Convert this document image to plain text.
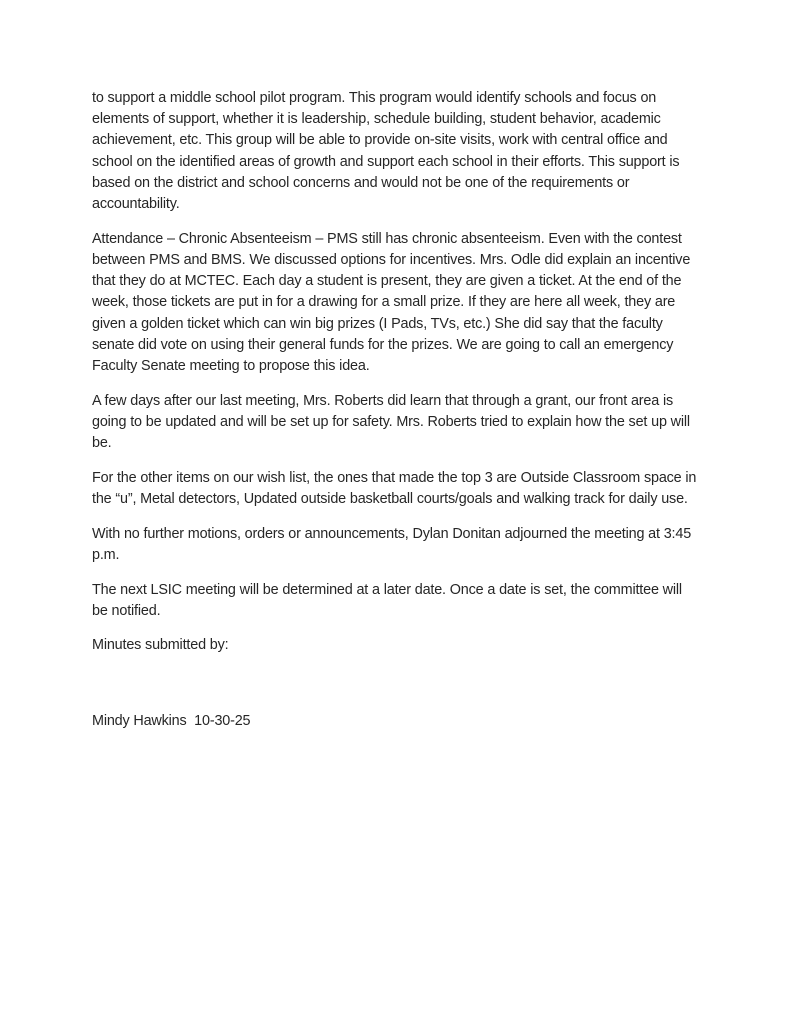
to support a middle school pilot program. This program would identify schools and focus on elements of support, whether it is leadership, schedule building, student behavior, academic achievement, etc. This group will be able to provide on-site visits, work with central office and school on the identified areas of growth and support each school in their efforts. This support is based on the district and school concerns and would not be one of the requirements or accountability.

Attendance – Chronic Absenteeism – PMS still has chronic absenteeism. Even with the contest between PMS and BMS. We discussed options for incentives. Mrs. Odle did explain an incentive that they do at MCTEC. Each day a student is present, they are given a ticket. At the end of the week, those tickets are put in for a drawing for a small prize. If they are here all week, they are given a golden ticket which can win big prizes (I Pads, TVs, etc.) She did say that the faculty senate did vote on using their general funds for the prizes. We are going to call an emergency Faculty Senate meeting to propose this idea.

A few days after our last meeting, Mrs. Roberts did learn that through a grant, our front area is going to be updated and will be set up for safety. Mrs. Roberts tried to explain how the set up will be.

For the other items on our wish list, the ones that made the top 3 are Outside Classroom space in the “u”, Metal detectors, Updated outside basketball courts/goals and walking track for daily use.

With no further motions, orders or announcements, Dylan Donitan adjourned the meeting at 3:45 p.m.

The next LSIC meeting will be determined at a later date. Once a date is set, the committee will be notified.

Minutes submitted by:

Mindy Hawkins  10-30-25
